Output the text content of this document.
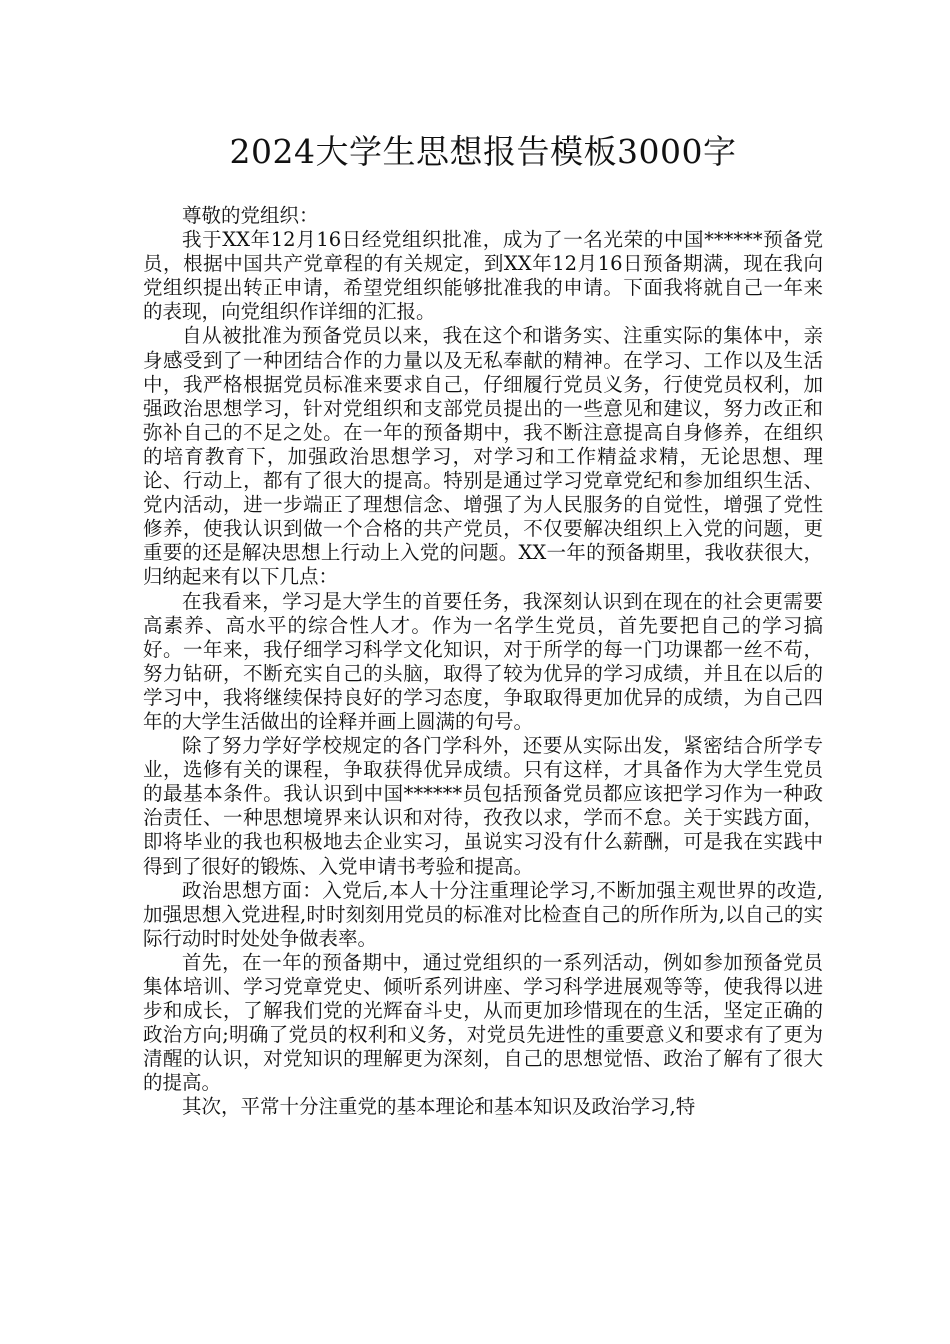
2024大学生思想报告模板3000字

尊敬的党组织：

我于XX年12月16日经党组织批准，成为了一名光荣的中国******预备党员，根据中国共产党章程的有关规定，到XX年12月16日预备期满，现在我向党组织提出转正申请，希望党组织能够批准我的申请。下面我将就自己一年来的表现，向党组织作详细的汇报。

自从被批准为预备党员以来，我在这个和谐务实、注重实际的集体中，亲身感受到了一种团结合作的力量以及无私奉献的精神。在学习、工作以及生活中，我严格根据党员标准来要求自己，仔细履行党员义务，行使党员权利，加强政治思想学习，针对党组织和支部党员提出的一些意见和建议，努力改正和弥补自己的不足之处。在一年的预备期中，我不断注意提高自身修养，在组织的培育教育下，加强政治思想学习，对学习和工作精益求精，无论思想、理论、行动上，都有了很大的提高。特别是通过学习党章党纪和参加组织生活、党内活动，进一步端正了理想信念、增强了为人民服务的自觉性，增强了党性修养，使我认识到做一个合格的共产党员，不仅要解决组织上入党的问题，更重要的还是解决思想上行动上入党的问题。XX一年的预备期里，我收获很大，归纳起来有以下几点：

在我看来，学习是大学生的首要任务，我深刻认识到在现在的社会更需要高素养、高水平的综合性人才。作为一名学生党员，首先要把自己的学习搞好。一年来，我仔细学习科学文化知识，对于所学的每一门功课都一丝不苟，努力钻研，不断充实自己的头脑，取得了较为优异的学习成绩，并且在以后的学习中，我将继续保持良好的学习态度，争取取得更加优异的成绩，为自己四年的大学生活做出的诠释并画上圆满的句号。

除了努力学好学校规定的各门学科外，还要从实际出发，紧密结合所学专业，选修有关的课程，争取获得优异成绩。只有这样，才具备作为大学生党员的最基本条件。我认识到中国******员包括预备党员都应该把学习作为一种政治责任、一种思想境界来认识和对待，孜孜以求，学而不怠。关于实践方面，即将毕业的我也积极地去企业实习，虽说实习没有什么薪酬，可是我在实践中得到了很好的锻炼、入党申请书考验和提高。

政治思想方面：入党后,本人十分注重理论学习,不断加强主观世界的改造,加强思想入党进程,时时刻刻用党员的标准对比检查自己的所作所为,以自己的实际行动时时处处争做表率。

首先，在一年的预备期中，通过党组织的一系列活动，例如参加预备党员集体培训、学习党章党史、倾听系列讲座、学习科学进展观等等，使我得以进步和成长，了解我们党的光辉奋斗史，从而更加珍惜现在的生活，坚定正确的政治方向;明确了党员的权利和义务，对党员先进性的重要意义和要求有了更为清醒的认识，对党知识的理解更为深刻，自己的思想觉悟、政治了解有了很大的提高。

其次，平常十分注重党的基本理论和基本知识及政治学习,特
